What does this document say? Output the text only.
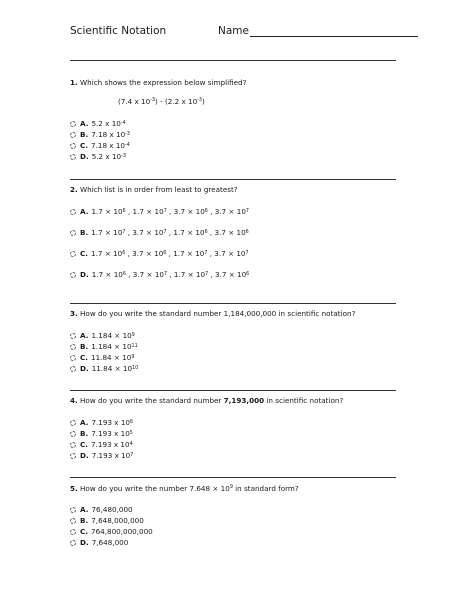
Scientific Notation	Name
1. Which shows the expression below simplified?
(7.4 x $10^{-3}) - (2.2$ x $10^{-3}$)
A. 5.2 x 10 -4
B. 7.18 x 10 -3
C. 7.18 x 10 -4
D. 5.2 x 10 -3
2. Which list is in order from least to greatest?
A. 1.7 × 10 6 , 1.7 × 10 7 , 3.7 × 10 6 , 3.7 × 10 7
B. 1.7 × 10 7 , 3.7 × 10 7 , 1.7 × 10 6 , 3.7 × 10 6
C. 1.7 × 10 6 , 3.7 × 10 6 , 1.7 × 10 7 , 3.7 × 10 7
D. 1.7 × 10 6 , 3.7 × 10 7 , 1.7 × 10 7 , 3.7 × 10 6
3. How do you write the standard number 1,184,000,000 in scientific notation?
A. 1.184 × 10 9
B. 1.184 × 10 11
C. 11.84 × 10 9
D. 11.84 × 10 10
4. How do you write the standard number 7,193,000 in scientific notation?
A. 7.193 x 10 6
B. 7.193 x 10 5
C. 7.193 x 10 4
D. 7.193 x 10 7
5. How do you write the number $7.648 \times 10^9$ in standard form?
A. 76,480,000
B. 7,648,000,000
C. 764,800,000,000
D. 7,648,000
